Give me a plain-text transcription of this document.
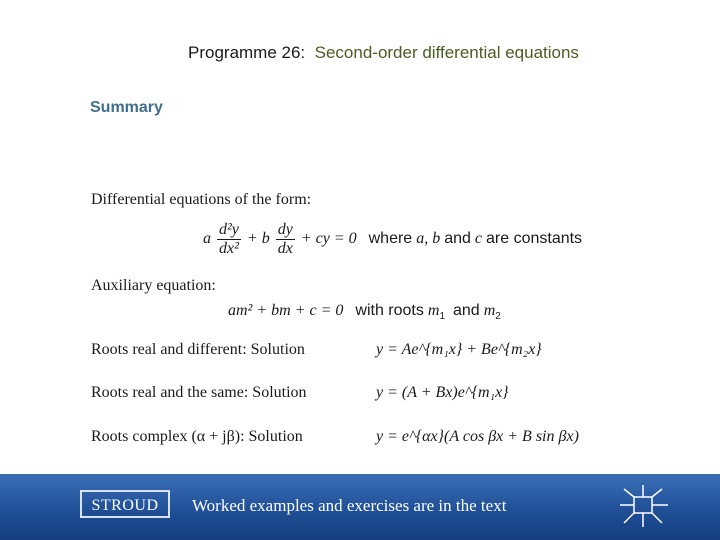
Programme 26: Second-order differential equations
Summary
Differential equations of the form:
a $\frac{\text{d²y}}{\text{dx²}} + b \frac{dy}{dx}$ + cy = 0 where a, b and c are constants
Auxiliary equation:
am² + bm + c = 0 with roots $m_1$ and $m_2$
Roots real and different: Solution	y = Ae^{m₁x} + Be^{m₂x}
Roots real and the same: Solution	y = (A + Bx)e^{m₁x}
Roots complex (α + jβ): Solution	y = e^{αx}(A cos βx + B sin βx)
STROUD	Worked examples and exercises are in the text
